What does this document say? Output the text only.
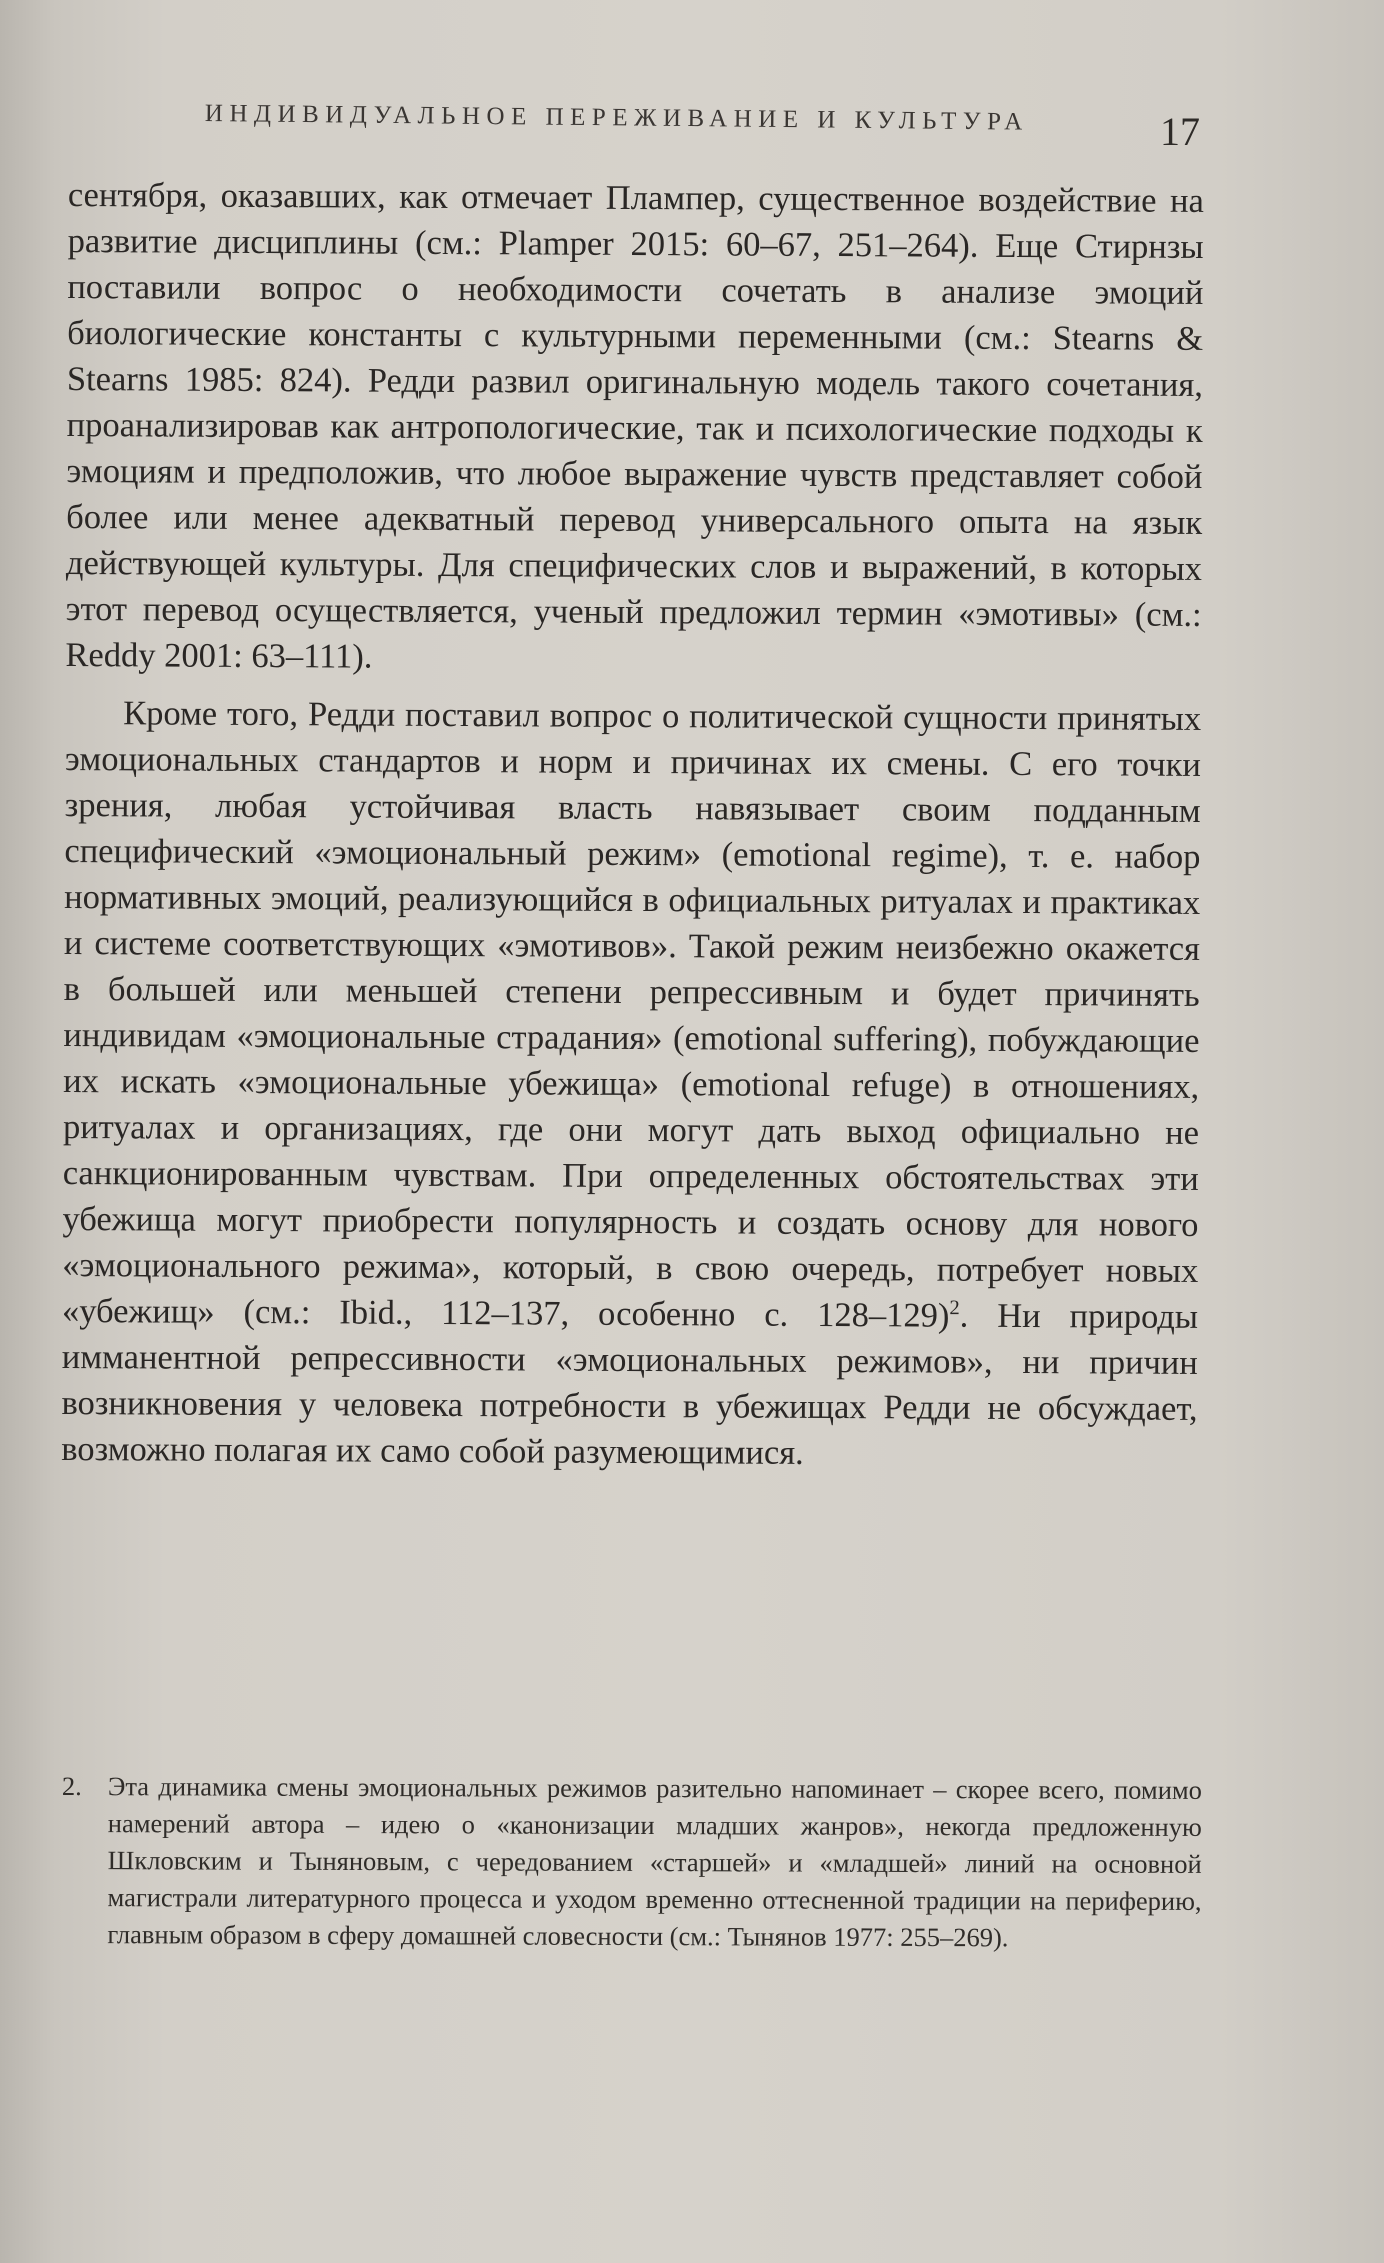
ИНДИВИДУАЛЬНОЕ ПЕРЕЖИВАНИЕ И КУЛЬТУРА	17

сентября, оказавших, как отмечает Плампер, существенное воздействие на развитие дисциплины (см.: Plamper 2015: 60–67, 251–264). Еще Стирнзы поставили вопрос о необходимости сочетать в анализе эмоций биологические константы с культурными переменными (см.: Stearns & Stearns 1985: 824). Редди развил оригинальную модель такого сочетания, проанализировав как антропологические, так и психологические подходы к эмоциям и предположив, что любое выражение чувств представляет собой более или менее адекватный перевод универсального опыта на язык действующей культуры. Для специфических слов и выражений, в которых этот перевод осуществляется, ученый предложил термин «эмотивы» (см.: Reddy 2001: 63–111).

Кроме того, Редди поставил вопрос о политической сущности принятых эмоциональных стандартов и норм и причинах их смены. С его точки зрения, любая устойчивая власть навязывает своим подданным специфический «эмоциональный режим» (emotional regime), т. е. набор нормативных эмоций, реализующийся в официальных ритуалах и практиках и системе соответствующих «эмотивов». Такой режим неизбежно окажется в большей или меньшей степени репрессивным и будет причинять индивидам «эмоциональные страдания» (emotional suffering), побуждающие их искать «эмоциональные убежища» (emotional refuge) в отношениях, ритуалах и организациях, где они могут дать выход официально не санкционированным чувствам. При определенных обстоятельствах эти убежища могут приобрести популярность и создать основу для нового «эмоционального режима», который, в свою очередь, потребует новых «убежищ» (см.: Ibid., 112–137, особенно с. 128–129)$^2$. Ни природы имманентной репрессивности «эмоциональных режимов», ни причин возникновения у человека потребности в убежищах Редди не обсуждает, возможно полагая их само собой разумеющимися.

2. Эта динамика смены эмоциональных режимов разительно напоминает – скорее всего, помимо намерений автора – идею о «канонизации младших жанров», некогда предложенную Шкловским и Тыняновым, с чередованием «старшей» и «младшей» линий на основной магистрали литературного процесса и уходом временно оттесненной традиции на периферию, главным образом в сферу домашней словесности (см.: Тынянов 1977: 255–269).
